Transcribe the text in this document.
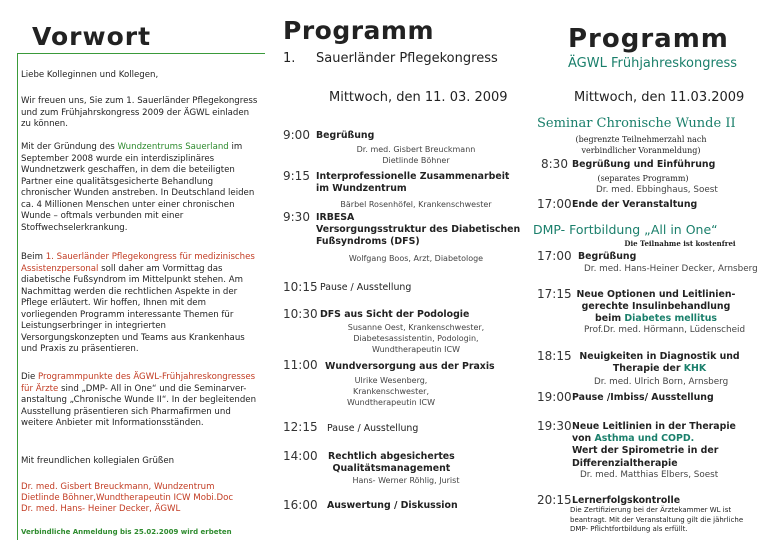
Vorwort
Liebe Kolleginnen und Kollegen,
Wir freuen uns, Sie zum 1. Sauerländer Pflegekongress und zum Frühjahrskongress 2009 der ÄGWL einladen zu können.
Mit der Gründung des Wundzentrums Sauerland im September 2008 wurde ein interdisziplinäres Wundnetzwerk geschaffen, in dem die beteiligten Partner eine qualitätsgesicherte Behandlung chronischer Wunden anstreben. In Deutschland leiden ca. 4 Millionen Menschen unter einer chronischen Wunde – oftmals verbunden mit einer Stoffwechselerkrankung.
Beim 1. Sauerländer Pflegekongress für medizinisches Assistenzpersonal soll daher am Vormittag das diabetische Fußsyndrom im Mittelpunkt stehen. Am Nachmittag werden die rechtlichen Aspekte in der Pflege erläutert. Wir hoffen, Ihnen mit dem vorliegenden Programm interessante Themen für Leistungserbringer in integrierten Versorgungskonzepten und Teams aus Krankenhaus und Praxis zu präsentieren.
Die Programmpunkte des ÄGWL-Frühjahreskongresses für Ärzte sind „DMP- All in One“ und die Seminarver-anstaltung „Chronische Wunde II“. In der begleitenden Ausstellung präsentieren sich Pharmafirmen und weitere Anbieter mit Informationsständen.
Mit freundlichen kollegialen Grüßen
Dr. med. Gisbert Breuckmann, Wundzentrum
Dietlinde Böhner,Wundtherapeutin ICW Mobi.Doc
Dr. med. Hans- Heiner Decker, ÄGWL
Verbindliche Anmeldung bis 25.02.2009 wird erbeten
Programm
1. Sauerländer Pflegekongress
Mittwoch, den 11. 03. 2009
9:00 Begrüßung
Dr. med. Gisbert Breuckmann
Dietlinde Böhner
9:15 Interprofessionelle Zusammenarbeit
im Wundzentrum
Bärbel Rosenhöfel, Krankenschwester
9:30 IRBESA
Versorgungsstruktur des Diabetischen
Fußsyndroms (DFS)
Wolfgang Boos, Arzt, Diabetologe
10:15 Pause / Ausstellung
10:30 DFS aus Sicht der Podologie
Susanne Oest, Krankenschwester,
Diabetesassistentin, Podologin,
Wundtherapeutin ICW
11:00 Wundversorgung aus der Praxis
Ulrike Wesenberg,
Krankenschwester,
Wundtherapeutin ICW
12:15 Pause / Ausstellung
14:00 Rechtlich abgesichertes
Qualitätsmanagement
Hans- Werner Röhlig, Jurist
16:00 Auswertung / Diskussion
Programm
ÄGWL Frühjahreskongress
Mittwoch, den 11.03.2009
Seminar Chronische Wunde II
(begrenzte Teilnehmerzahl nach
verbindlicher Voranmeldung)
8:30 Begrüßung und Einführung
(separates Programm)
Dr. med. Ebbinghaus, Soest
17:00 Ende der Veranstaltung
DMP- Fortbildung „All in One“
Die Teilnahme ist kostenfrei
17:00 Begrüßung
Dr. med. Hans-Heiner Decker, Arnsberg
17:15 Neue Optionen und Leitlinien-
gerechte Insulinbehandlung
beim Diabetes mellitus
Prof.Dr. med. Hörmann, Lüdenscheid
18:15 Neuigkeiten in Diagnostik und
Therapie der KHK
Dr. med. Ulrich Born, Arnsberg
19:00 Pause /Imbiss/ Ausstellung
19:30 Neue Leitlinien in der Therapie
von Asthma und COPD.
Wert der Spirometrie in der
Differenzialtherapie
Dr. med. Matthias Elbers, Soest
20:15 Lernerfolgskontrolle
Die Zertifizierung bei der Ärztekammer WL ist
beantragt. Mit der Veranstaltung gilt die jährliche
DMP- Pflichtfortbildung als erfüllt.
